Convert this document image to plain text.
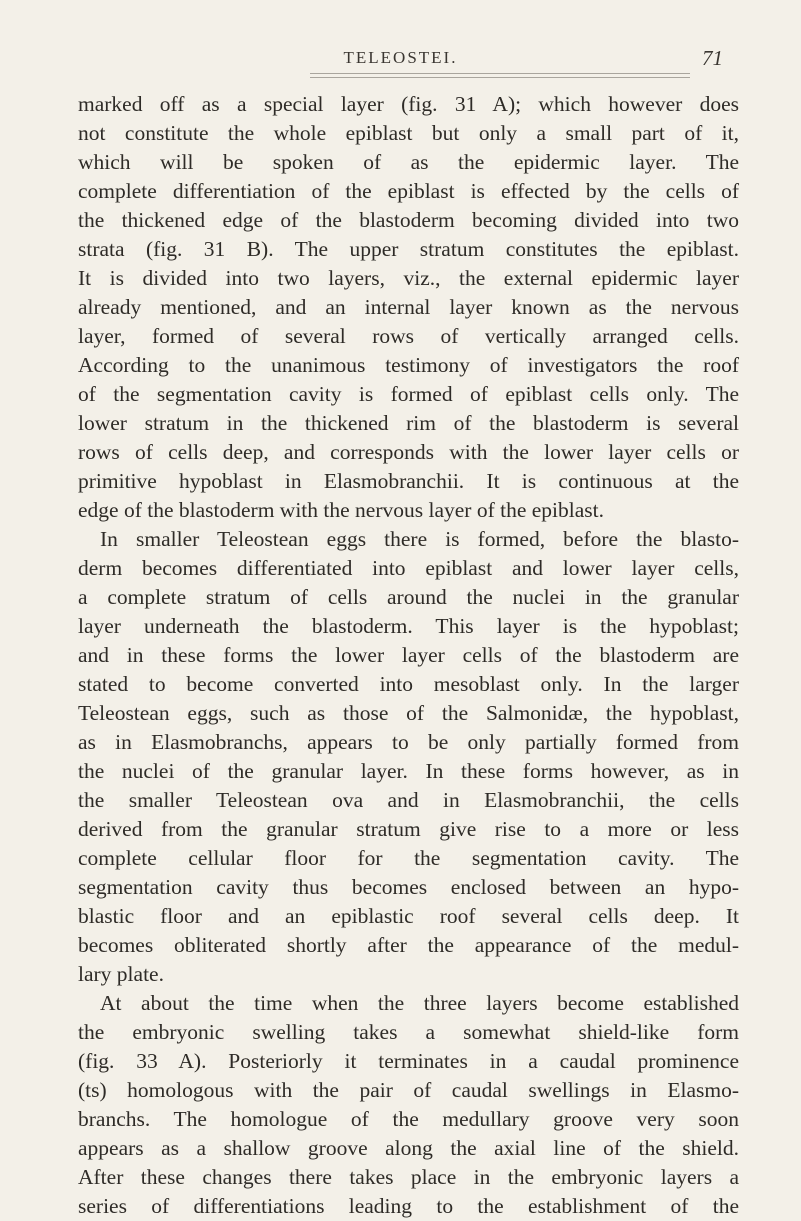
TELEOSTEI.	71
marked off as a special layer (fig. 31 A); which however does
not constitute the whole epiblast but only a small part of it,
which will be spoken of as the epidermic layer. The
complete differentiation of the epiblast is effected by the cells of
the thickened edge of the blastoderm becoming divided into two
strata (fig. 31 B). The upper stratum constitutes the epiblast.
It is divided into two layers, viz., the external epidermic layer
already mentioned, and an internal layer known as the nervous
layer, formed of several rows of vertically arranged cells.
According to the unanimous testimony of investigators the roof
of the segmentation cavity is formed of epiblast cells only. The
lower stratum in the thickened rim of the blastoderm is several
rows of cells deep, and corresponds with the lower layer cells or
primitive hypoblast in Elasmobranchii. It is continuous at the
edge of the blastoderm with the nervous layer of the epiblast.
In smaller Teleostean eggs there is formed, before the blasto-
derm becomes differentiated into epiblast and lower layer cells,
a complete stratum of cells around the nuclei in the granular
layer underneath the blastoderm. This layer is the hypoblast;
and in these forms the lower layer cells of the blastoderm are
stated to become converted into mesoblast only. In the larger
Teleostean eggs, such as those of the Salmonidæ, the hypoblast,
as in Elasmobranchs, appears to be only partially formed from
the nuclei of the granular layer. In these forms however, as in
the smaller Teleostean ova and in Elasmobranchii, the cells
derived from the granular stratum give rise to a more or less
complete cellular floor for the segmentation cavity. The
segmentation cavity thus becomes enclosed between an hypo-
blastic floor and an epiblastic roof several cells deep. It
becomes obliterated shortly after the appearance of the medul-
lary plate.
At about the time when the three layers become established
the embryonic swelling takes a somewhat shield-like form
(fig. 33 A). Posteriorly it terminates in a caudal prominence
(ts) homologous with the pair of caudal swellings in Elasmo-
branchs. The homologue of the medullary groove very soon
appears as a shallow groove along the axial line of the shield.
After these changes there takes place in the embryonic layers a
series of differentiations leading to the establishment of the
